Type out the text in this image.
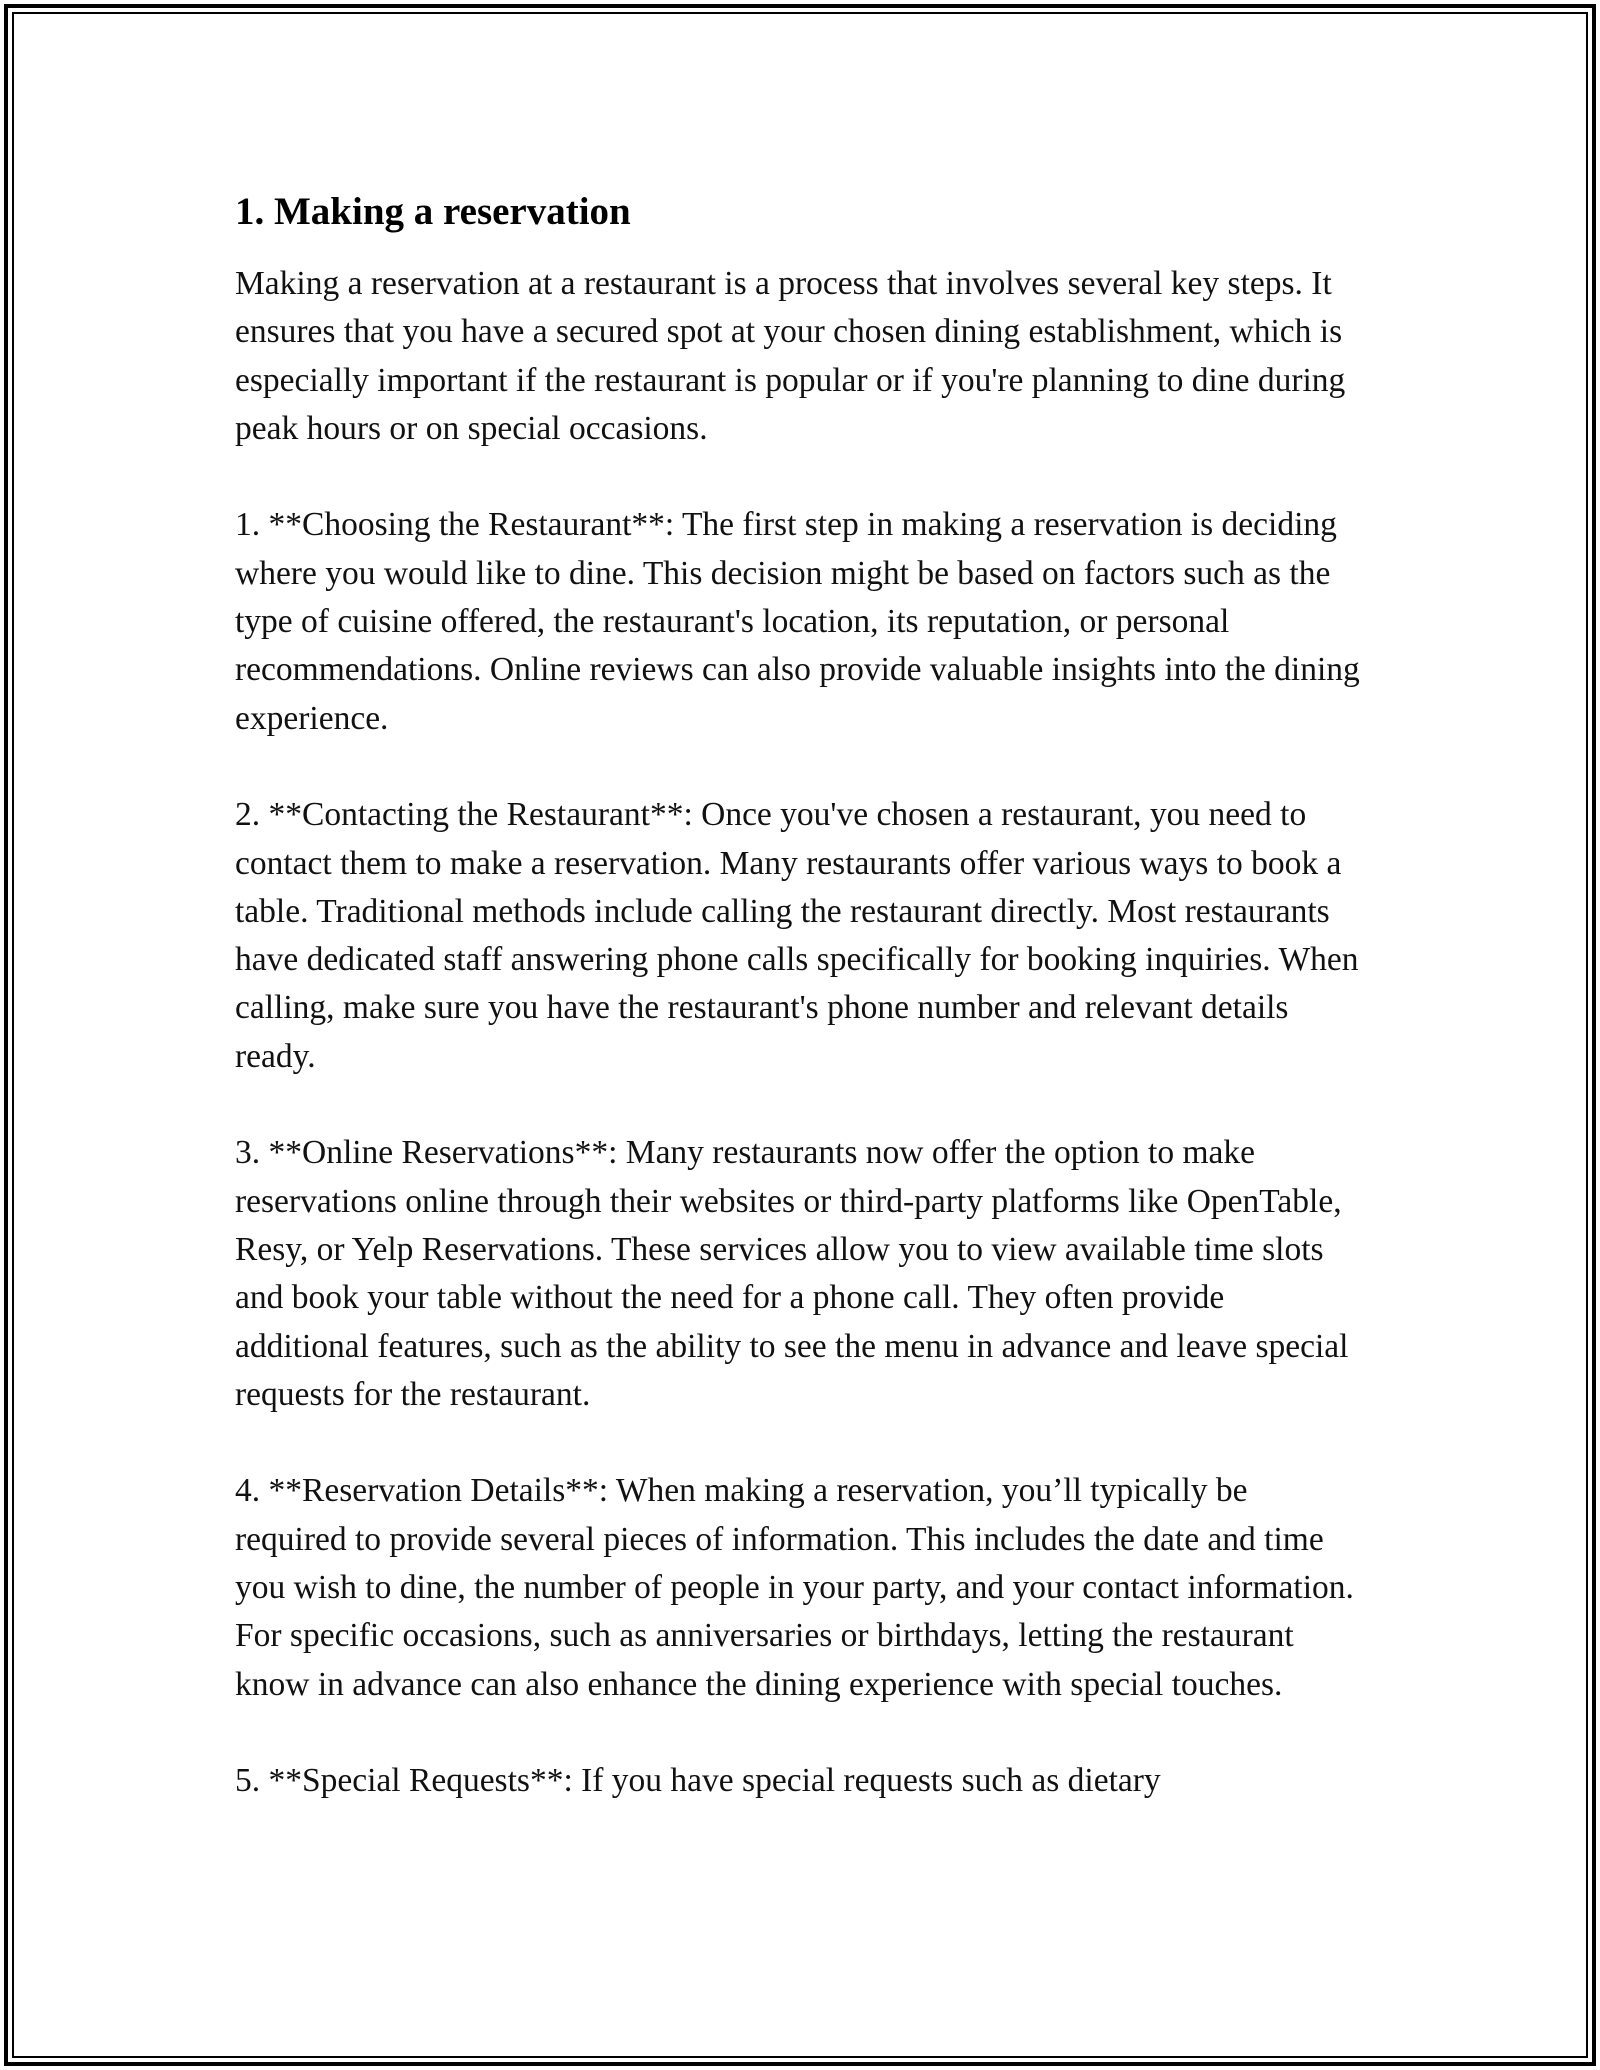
1. Making a reservation

Making a reservation at a restaurant is a process that involves several key steps. It ensures that you have a secured spot at your chosen dining establishment, which is especially important if the restaurant is popular or if you're planning to dine during peak hours or on special occasions.

1. **Choosing the Restaurant**: The first step in making a reservation is deciding where you would like to dine. This decision might be based on factors such as the type of cuisine offered, the restaurant's location, its reputation, or personal recommendations. Online reviews can also provide valuable insights into the dining experience.

2. **Contacting the Restaurant**: Once you've chosen a restaurant, you need to contact them to make a reservation. Many restaurants offer various ways to book a table. Traditional methods include calling the restaurant directly. Most restaurants have dedicated staff answering phone calls specifically for booking inquiries. When calling, make sure you have the restaurant's phone number and relevant details ready.

3. **Online Reservations**: Many restaurants now offer the option to make reservations online through their websites or third-party platforms like OpenTable, Resy, or Yelp Reservations. These services allow you to view available time slots and book your table without the need for a phone call. They often provide additional features, such as the ability to see the menu in advance and leave special requests for the restaurant.

4. **Reservation Details**: When making a reservation, you’ll typically be required to provide several pieces of information. This includes the date and time you wish to dine, the number of people in your party, and your contact information. For specific occasions, such as anniversaries or birthdays, letting the restaurant know in advance can also enhance the dining experience with special touches.

5. **Special Requests**: If you have special requests such as dietary
